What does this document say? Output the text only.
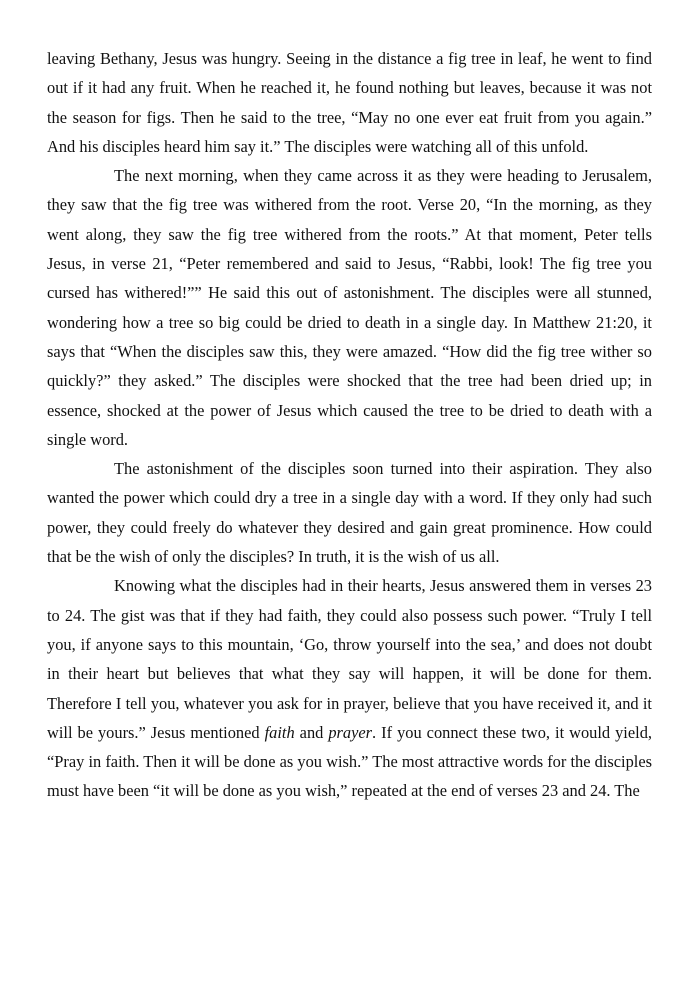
leaving Bethany, Jesus was hungry. Seeing in the distance a fig tree in leaf, he went to find out if it had any fruit. When he reached it, he found nothing but leaves, because it was not the season for figs. Then he said to the tree, “May no one ever eat fruit from you again.” And his disciples heard him say it.” The disciples were watching all of this unfold.

The next morning, when they came across it as they were heading to Jerusalem, they saw that the fig tree was withered from the root. Verse 20, “In the morning, as they went along, they saw the fig tree withered from the roots.” At that moment, Peter tells Jesus, in verse 21, “Peter remembered and said to Jesus, “Rabbi, look! The fig tree you cursed has withered!”” He said this out of astonishment. The disciples were all stunned, wondering how a tree so big could be dried to death in a single day. In Matthew 21:20, it says that “When the disciples saw this, they were amazed. “How did the fig tree wither so quickly?” they asked.” The disciples were shocked that the tree had been dried up; in essence, shocked at the power of Jesus which caused the tree to be dried to death with a single word.

The astonishment of the disciples soon turned into their aspiration. They also wanted the power which could dry a tree in a single day with a word. If they only had such power, they could freely do whatever they desired and gain great prominence. How could that be the wish of only the disciples? In truth, it is the wish of us all.

Knowing what the disciples had in their hearts, Jesus answered them in verses 23 to 24. The gist was that if they had faith, they could also possess such power. “Truly I tell you, if anyone says to this mountain, ‘Go, throw yourself into the sea,’ and does not doubt in their heart but believes that what they say will happen, it will be done for them. Therefore I tell you, whatever you ask for in prayer, believe that you have received it, and it will be yours.” Jesus mentioned faith and prayer. If you connect these two, it would yield, “Pray in faith. Then it will be done as you wish.” The most attractive words for the disciples must have been “it will be done as you wish,” repeated at the end of verses 23 and 24. The
